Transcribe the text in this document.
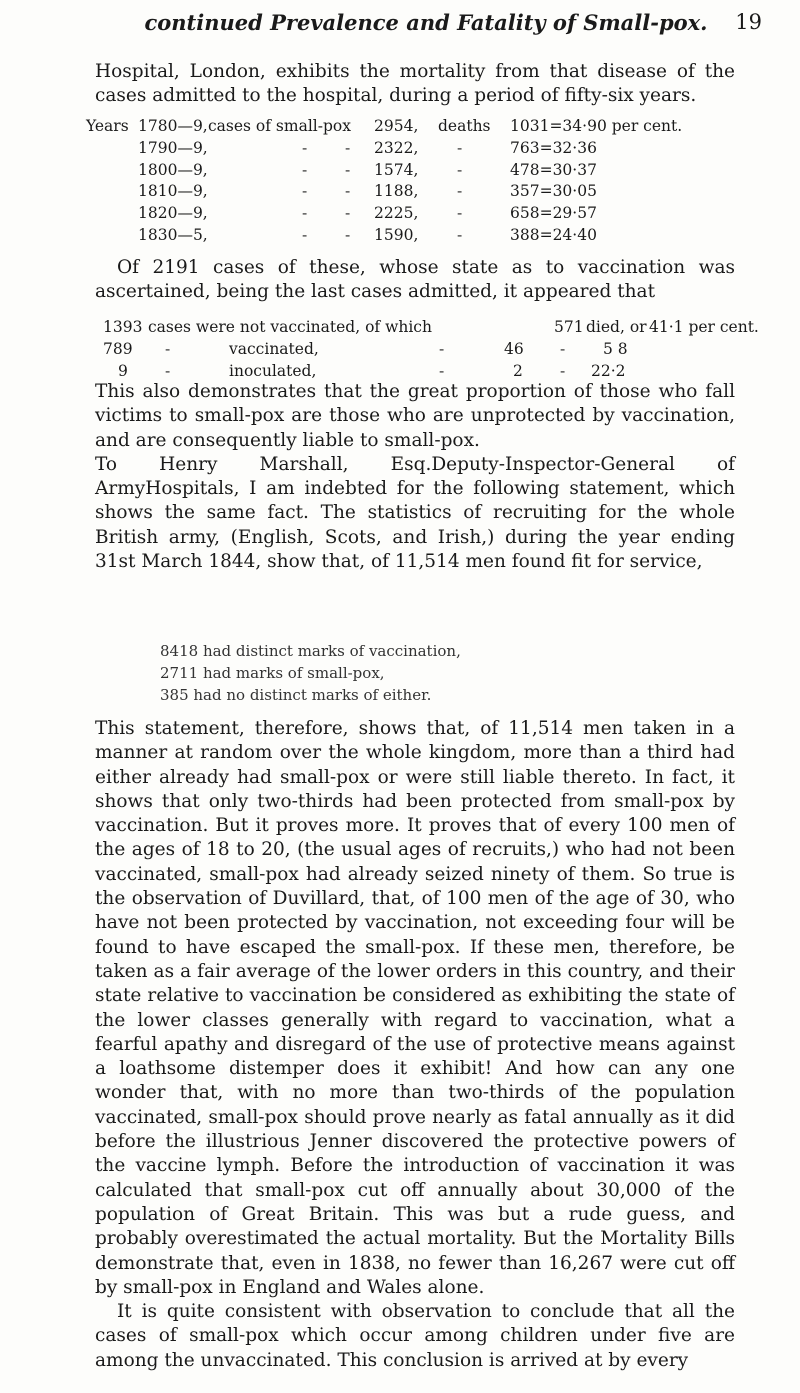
continued Prevalence and Fatality of Small-pox.	19

Hospital, London, exhibits the mortality from that disease of the cases admitted to the hospital, during a period of fifty-six years.

Years 1780—9, cases of small-pox 2954, deaths 1031=34·90 per cent.
1790—9,	- - 2322, -	763=32·36
1800—9,	- - 1574, -	478=30·37
1810—9,	- - 1188, -	357=30·05
1820—9,	- - 2225, -	658=29·57
1830—5,	- - 1590, -	388=24·40

Of 2191 cases of these, whose state as to vaccination was ascertained, being the last cases admitted, it appeared that

1393 cases were not vaccinated, of which	571 died, or 41·1 per cent.
789 -	vaccinated,	-	46 - 5 8
9 -	inoculated,	-	2 - 22·2

This also demonstrates that the great proportion of those who fall victims to small-pox are those who are unprotected by vaccination, and are consequently liable to small-pox.

To Henry Marshall, Esq.Deputy-Inspector-General of ArmyHospitals, I am indebted for the following statement, which shows the same fact. The statistics of recruiting for the whole British army, (English, Scots, and Irish,) during the year ending 31st March 1844, show that, of 11,514 men found fit for service,

8418 had distinct marks of vaccination,
2711 had marks of small-pox,
385 had no distinct marks of either.

This statement, therefore, shows that, of 11,514 men taken in a manner at random over the whole kingdom, more than a third had either already had small-pox or were still liable thereto. In fact, it shows that only two-thirds had been protected from small-pox by vaccination. But it proves more. It proves that of every 100 men of the ages of 18 to 20, (the usual ages of recruits,) who had not been vaccinated, small-pox had already seized ninety of them. So true is the observation of Duvillard, that, of 100 men of the age of 30, who have not been protected by vaccination, not exceeding four will be found to have escaped the small-pox. If these men, therefore, be taken as a fair average of the lower orders in this country, and their state relative to vaccination be considered as exhibiting the state of the lower classes generally with regard to vaccination, what a fearful apathy and disregard of the use of protective means against a loathsome distemper does it exhibit! And how can any one wonder that, with no more than two-thirds of the population vaccinated, small-pox should prove nearly as fatal annually as it did before the illustrious Jenner discovered the protective powers of the vaccine lymph. Before the introduction of vaccination it was calculated that small-pox cut off annually about 30,000 of the population of Great Britain. This was but a rude guess, and probably overestimated the actual mortality. But the Mortality Bills demonstrate that, even in 1838, no fewer than 16,267 were cut off by small-pox in England and Wales alone.

It is quite consistent with observation to conclude that all the cases of small-pox which occur among children under five are among the unvaccinated. This conclusion is arrived at by every
